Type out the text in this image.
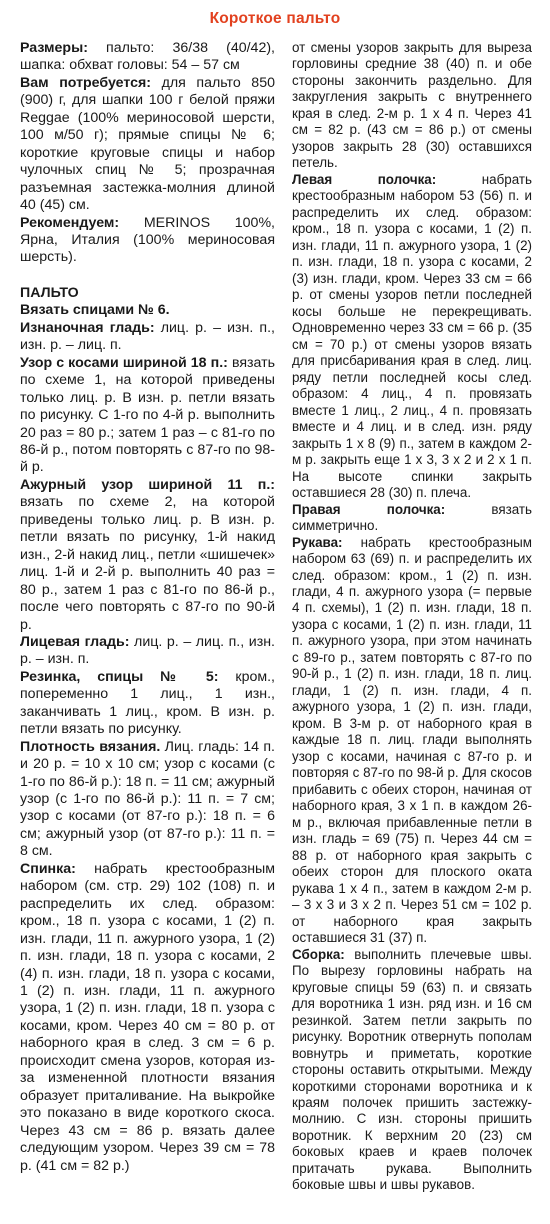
Короткое пальто

Размеры: пальто: 36/38 (40/42), шапка: обхват головы: 54 – 57 см

Вам потребуется: для пальто 850 (900) г, для шапки 100 г белой пряжи Reggae (100% мериносовой шерсти, 100 м/50 г); прямые спицы № 6; короткие круговые спицы и набор чулочных спиц № 5; прозрачная разъемная застежка-молния длиной 40 (45) см.

Рекомендуем: MERINOS 100%, Ярна, Италия (100% мериносовая шерсть).

ПАЛЬТО

Вязать спицами № 6.

Изнаночная гладь: лиц. р. – изн. п., изн. р. – лиц. п.

Узор с косами шириной 18 п.: вязать по схеме 1, на которой приведены только лиц. р. В изн. р. петли вязать по рисунку. С 1-го по 4-й р. выполнить 20 раз = 80 р.; затем 1 раз – с 81-го по 86-й р., потом повторять с 87-го по 98-й р.

Ажурный узор шириной 11 п.: вязать по схеме 2, на которой приведены только лиц. р. В изн. р. петли вязать по рисунку, 1-й накид изн., 2-й накид лиц., петли «шишечек» лиц. 1-й и 2-й р. выполнить 40 раз = 80 р., затем 1 раз с 81-го по 86-й р., после чего повторять с 87-го по 90-й р.

Лицевая гладь: лиц. р. – лиц. п., изн. р. – изн. п.

Резинка, спицы № 5: кром., попеременно 1 лиц., 1 изн., заканчивать 1 лиц., кром. В изн. р. петли вязать по рисунку.

Плотность вязания. Лиц. гладь: 14 п. и 20 р. = 10 х 10 см; узор с косами (с 1-го по 86-й р.): 18 п. = 11 см; ажурный узор (с 1-го по 86-й р.): 11 п. = 7 см; узор с косами (от 87-го р.): 18 п. = 6 см; ажурный узор (от 87-го р.): 11 п. = 8 см.

Спинка: набрать крестообразным набором (см. стр. 29) 102 (108) п. и распределить их след. образом: кром., 18 п. узора с косами, 1 (2) п. изн. глади, 11 п. ажурного узора, 1 (2) п. изн. глади, 18 п. узора с косами, 2 (4) п. изн. глади, 18 п. узора с косами, 1 (2) п. изн. глади, 11 п. ажурного узора, 1 (2) п. изн. глади, 18 п. узора с косами, кром. Через 40 см = 80 р. от наборного края в след. 3 см = 6 р. происходит смена узоров, которая из-за измененной плотности вязания образует приталивание. На выкройке это показано в виде короткого скоса. Через 43 см = 86 р. вязать далее следующим узором. Через 39 см = 78 р. (41 см = 82 р.)

от смены узоров закрыть для выреза горловины средние 38 (40) п. и обе стороны закончить раздельно. Для закругления закрыть с внутреннего края в след. 2-м р. 1 х 4 п. Через 41 см = 82 р. (43 см = 86 р.) от смены узоров закрыть 28 (30) оставшихся петель.

Левая полочка: набрать крестообразным набором 53 (56) п. и распределить их след. образом: кром., 18 п. узора с косами, 1 (2) п. изн. глади, 11 п. ажурного узора, 1 (2) п. изн. глади, 18 п. узора с косами, 2 (3) изн. глади, кром. Через 33 см = 66 р. от смены узоров петли последней косы больше не перекрещивать. Одновременно через 33 см = 66 р. (35 см = 70 р.) от смены узоров вязать для присбаривания края в след. лиц. ряду петли последней косы след. образом: 4 лиц., 4 п. провязать вместе 1 лиц., 2 лиц., 4 п. провязать вместе и 4 лиц. и в след. изн. ряду закрыть 1 х 8 (9) п., затем в каждом 2-м р. закрыть еще 1 х 3, 3 х 2 и 2 х 1 п. На высоте спинки закрыть оставшиеся 28 (30) п. плеча.

Правая полочка: вязать симметрично.

Рукава: набрать крестообразным набором 63 (69) п. и распределить их след. образом: кром., 1 (2) п. изн. глади, 4 п. ажурного узора (= первые 4 п. схемы), 1 (2) п. изн. глади, 18 п. узора с косами, 1 (2) п. изн. глади, 11 п. ажурного узора, при этом начинать с 89-го р., затем повторять с 87-го по 90-й р., 1 (2) п. изн. глади, 18 п. лиц. глади, 1 (2) п. изн. глади, 4 п. ажурного узора, 1 (2) п. изн. глади, кром. В 3-м р. от наборного края в каждые 18 п. лиц. глади выполнять узор с косами, начиная с 87-го р. и повторяя с 87-го по 98-й р. Для скосов прибавить с обеих сторон, начиная от наборного края, 3 х 1 п. в каждом 26-м р., включая прибавленные петли в изн. гладь = 69 (75) п. Через 44 см = 88 р. от наборного края закрыть с обеих сторон для плоского оката рукава 1 х 4 п., затем в каждом 2-м р. – 3 х 3 и 3 х 2 п. Через 51 см = 102 р. от наборного края закрыть оставшиеся 31 (37) п.

Сборка: выполнить плечевые швы. По вырезу горловины набрать на круговые спицы 59 (63) п. и связать для воротника 1 изн. ряд изн. и 16 см резинкой. Затем петли закрыть по рисунку. Воротник отвернуть пополам вовнутрь и приметать, короткие стороны оставить открытыми. Между короткими сторонами воротника и к краям полочек пришить застежку-молнию. С изн. стороны пришить воротник. К верхним 20 (23) см боковых краев и краев полочек притачать рукава. Выполнить боковые швы и швы рукавов.
